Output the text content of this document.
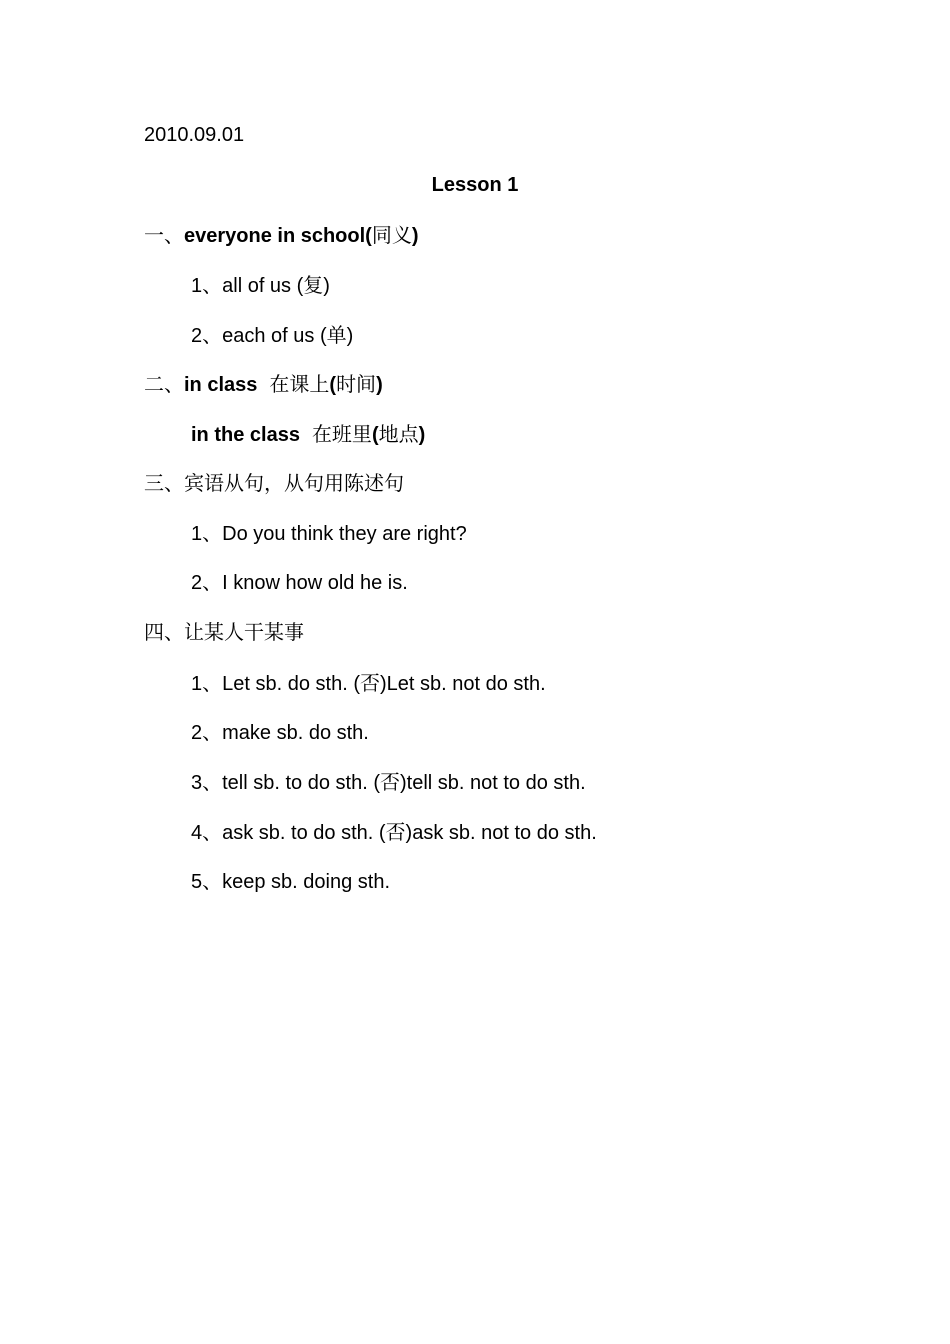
2010.09.01
Lesson 1
一、everyone in school(同义)
1、all of us (复)
2、each of us (单)
二、in class 在课上(时间)
in the class 在班里(地点)
三、宾语从句，从句用陈述句
1、Do you think they are right?
2、I know how old he is.
四、让某人干某事
1、Let sb. do sth. (否)Let sb. not do sth.
2、make sb. do sth.
3、tell sb. to do sth. (否)tell sb. not to do sth.
4、ask sb. to do sth. (否)ask sb. not to do sth.
5、keep sb. doing sth.
